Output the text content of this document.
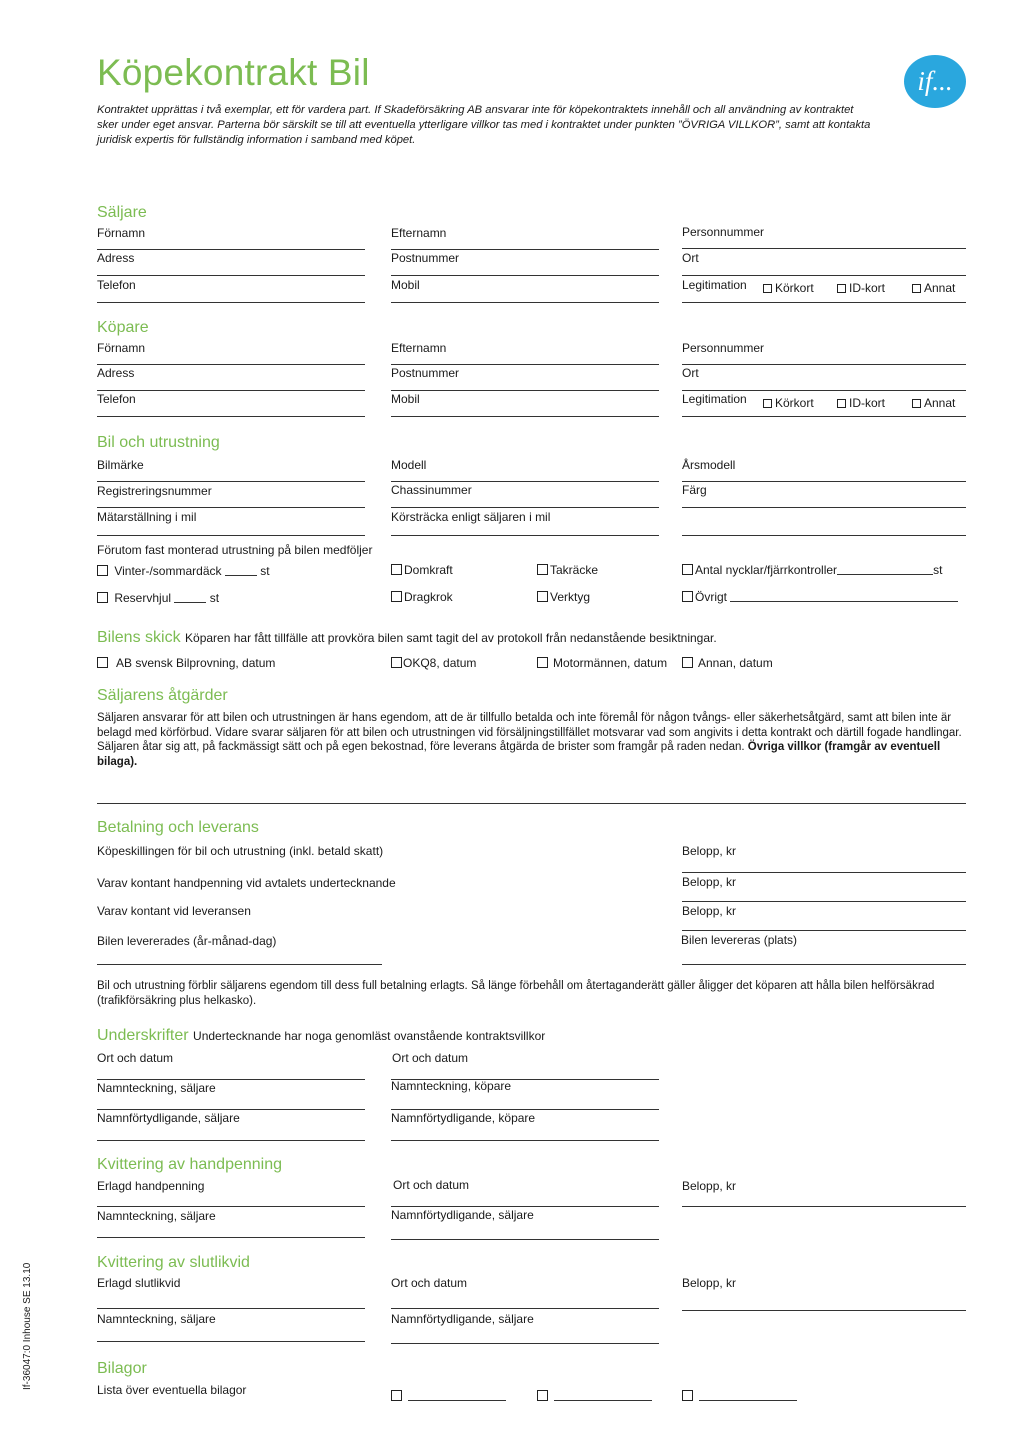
Köpekontrakt Bil	if...
Kontraktet upprättas i två exemplar, ett för vardera part. If Skadeförsäkring AB ansvarar inte för köpekontraktets innehåll och all användning av kontraktet sker under eget ansvar. Parterna bör särskilt se till att eventuella ytterligare villkor tas med i kontraktet under punkten ”ÖVRIGA VILLKOR”, samt att kontakta juridisk expertis för fullständig information i samband med köpet.
Säljare
Förnamn	Efternamn	Personnummer
Adress	Postnummer	Ort
Telefon	Mobil	Legitimation	Körkort	ID-kort	Annat
Köpare
Förnamn	Efternamn	Personnummer
Adress	Postnummer	Ort
Telefon	Mobil	Legitimation	Körkort	ID-kort	Annat
Bil och utrustning
Bilmärke	Modell	Årsmodell
Registreringsnummer	Chassinummer	Färg
Mätarställning i mil	Körsträcka enligt säljaren i mil
Förutom fast monterad utrustning på bilen medföljer
Vinter-/sommardäck	st	Domkraft	Takräcke	Antal nycklar/fjärrkontroller	st
Reservhjul	st	Dragkrok	Verktyg	Övrigt
Bilens skick Köparen har fått tillfälle att provköra bilen samt tagit del av protokoll från nedanstående besiktningar.
AB svensk Bilprovning, datum	OKQ8, datum	Motormännen, datum	Annan, datum
Säljarens åtgärder
Säljaren ansvarar för att bilen och utrustningen är hans egendom, att de är tillfullo betalda och inte föremål för någon tvångs- eller säkerhetsåtgärd, samt att bilen inte är belagd med körförbud. Vidare svarar säljaren för att bilen och utrustningen vid försäljningstillfället motsvarar vad som angivits i detta kontrakt och därtill fogade handlingar. Säljaren åtar sig att, på fackmässigt sätt och på egen bekostnad, före leverans åtgärda de brister som framgår på raden nedan. Övriga villkor (framgår av eventuell bilaga).
Betalning och leverans
Köpeskillingen för bil och utrustning (inkl. betald skatt)	Belopp, kr
Varav kontant handpenning vid avtalets undertecknande	Belopp, kr
Varav kontant vid leveransen	Belopp, kr
Bilen levererades (år-månad-dag)	Bilen levereras (plats)
Bil och utrustning förblir säljarens egendom till dess full betalning erlagts. Så länge förbehåll om återtaganderätt gäller åligger det köparen att hålla bilen helförsäkrad (trafikförsäkring plus helkasko).
Underskrifter Undertecknande har noga genomläst ovanstående kontraktsvillkor
Ort och datum	Ort och datum
Namnteckning, säljare	Namnteckning, köpare
Namnförtydligande, säljare	Namnförtydligande, köpare
Kvittering av handpenning
Erlagd handpenning	Ort och datum	Belopp, kr
Namnteckning, säljare	Namnförtydligande, säljare
Kvittering av slutlikvid
Erlagd slutlikvid	Ort och datum	Belopp, kr
Namnteckning, säljare	Namnförtydligande, säljare
Bilagor
Lista över eventuella bilagor
If-36047:0 Inhouse SE 13.10
